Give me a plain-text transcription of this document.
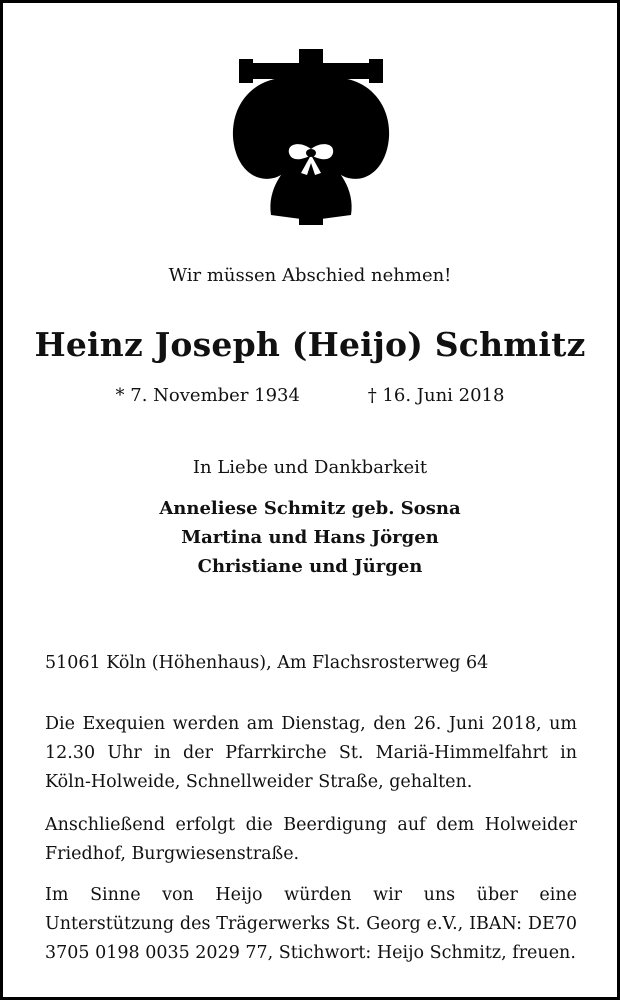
Wir müssen Abschied nehmen!
Heinz Joseph (Heijo) Schmitz
* 7. November 1934	† 16. Juni 2018
In Liebe und Dankbarkeit
Anneliese Schmitz geb. Sosna
Martina und Hans Jörgen
Christiane und Jürgen
51061 Köln (Höhenhaus), Am Flachsrosterweg 64

Die Exequien werden am Dienstag, den 26. Juni 2018, um 12.30 Uhr in der Pfarrkirche St. Mariä-Himmelfahrt in Köln-Holweide, Schnellweider Straße, gehalten.

Anschließend erfolgt die Beerdigung auf dem Holweider Friedhof, Burgwiesenstraße.

Im Sinne von Heijo würden wir uns über eine Unterstützung des Trägerwerks St. Georg e.V., IBAN: DE70 3705 0198 0035 2029 77, Stichwort: Heijo Schmitz, freuen.
